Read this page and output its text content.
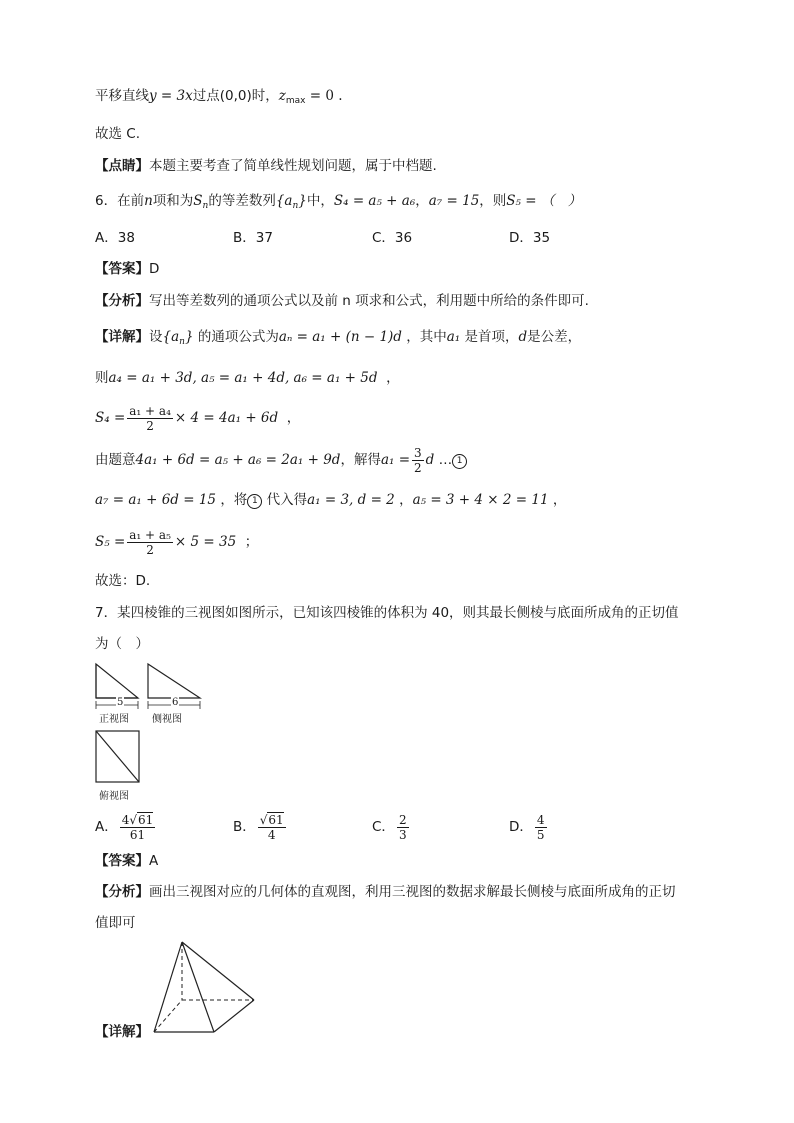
平移直线y = 3x过点(0,0)时，$z_{max} = 0$ .
故选 C.
【点睛】本题主要考查了简单线性规划问题，属于中档题.
6．在前n项和为$S_n$的等差数列$\{a_n\}$中，S₄ = a₅ + a₆，a₇ = 15，则S₅ = （　）
A．38	B．37	C．36	D．35
【答案】D
【分析】写出等差数列的通项公式以及前 n 项求和公式，利用题中所给的条件即可.
【详解】设$\{a_n\}$ 的通项公式为aₙ = a₁ + (n − 1)d ，其中a₁ 是首项，d是公差，
则a₄ = a₁ + 3d, a₅ = a₁ + 4d, a₆ = a₁ + 5d ，
$S_4 = \frac{\text{a₁ + a₄}}{2} \times 4 = 4a_1 + 6d$ ，
由题意4a₁ + 6d = a₅ + a₆ = 2a₁ + 9d，解得$a_1 = \frac{3}{2}$ d … 1
a₇ = a₁ + 6d = 15 ，将 1 代入得a₁ = 3, d = 2 ，a₅ = 3 + 4 × 2 = 11 ，
$S_5 = \frac{\text{a₁ + a₅}}{2} \times 5 = 35$ ；
故选：D.
7．某四棱锥的三视图如图所示，已知该四棱锥的体积为 40，则其最长侧棱与底面所成角的正切值
为（　）
5	6
正视图 侧视图
俯视图
A． $\frac{4√61}{61}$	B． $\frac{√61}{4}$	C． $\frac{2}{3}$	D． $\frac{4}{5}$
【答案】A
【分析】画出三视图对应的几何体的直观图，利用三视图的数据求解最长侧棱与底面所成角的正切
值即可
【详解】
